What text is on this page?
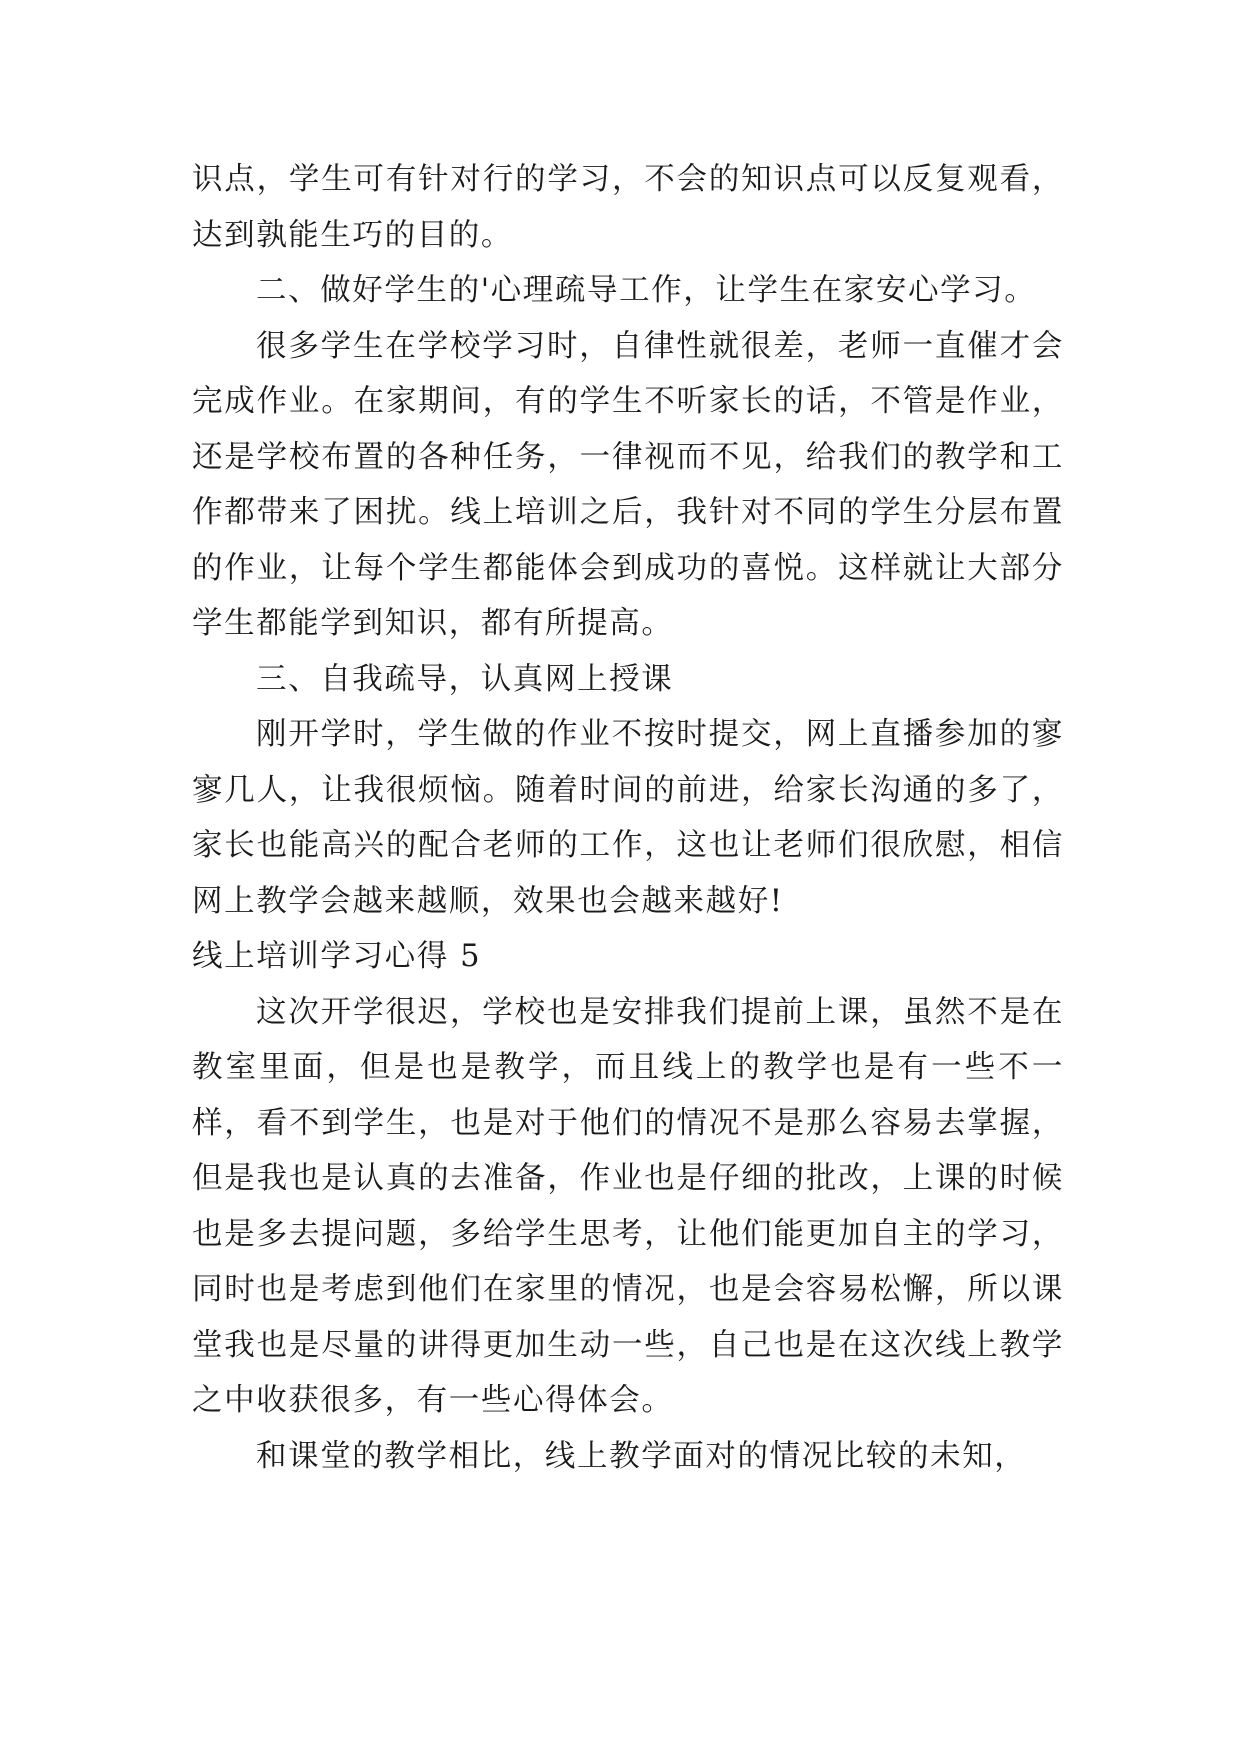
识点，学生可有针对行的学习，不会的知识点可以反复观看，达到孰能生巧的目的。

二、做好学生的'心理疏导工作，让学生在家安心学习。

很多学生在学校学习时，自律性就很差，老师一直催才会完成作业。在家期间，有的学生不听家长的话，不管是作业，还是学校布置的各种任务，一律视而不见，给我们的教学和工作都带来了困扰。线上培训之后，我针对不同的学生分层布置的作业，让每个学生都能体会到成功的喜悦。这样就让大部分学生都能学到知识，都有所提高。

三、自我疏导，认真网上授课

刚开学时，学生做的作业不按时提交，网上直播参加的寥寥几人，让我很烦恼。随着时间的前进，给家长沟通的多了，家长也能高兴的配合老师的工作，这也让老师们很欣慰，相信网上教学会越来越顺，效果也会越来越好!

线上培训学习心得 5

这次开学很迟，学校也是安排我们提前上课，虽然不是在教室里面，但是也是教学，而且线上的教学也是有一些不一样，看不到学生，也是对于他们的情况不是那么容易去掌握，但是我也是认真的去准备，作业也是仔细的批改，上课的时候也是多去提问题，多给学生思考，让他们能更加自主的学习，同时也是考虑到他们在家里的情况，也是会容易松懈，所以课堂我也是尽量的讲得更加生动一些，自己也是在这次线上教学之中收获很多，有一些心得体会。

和课堂的教学相比，线上教学面对的情况比较的未知，
